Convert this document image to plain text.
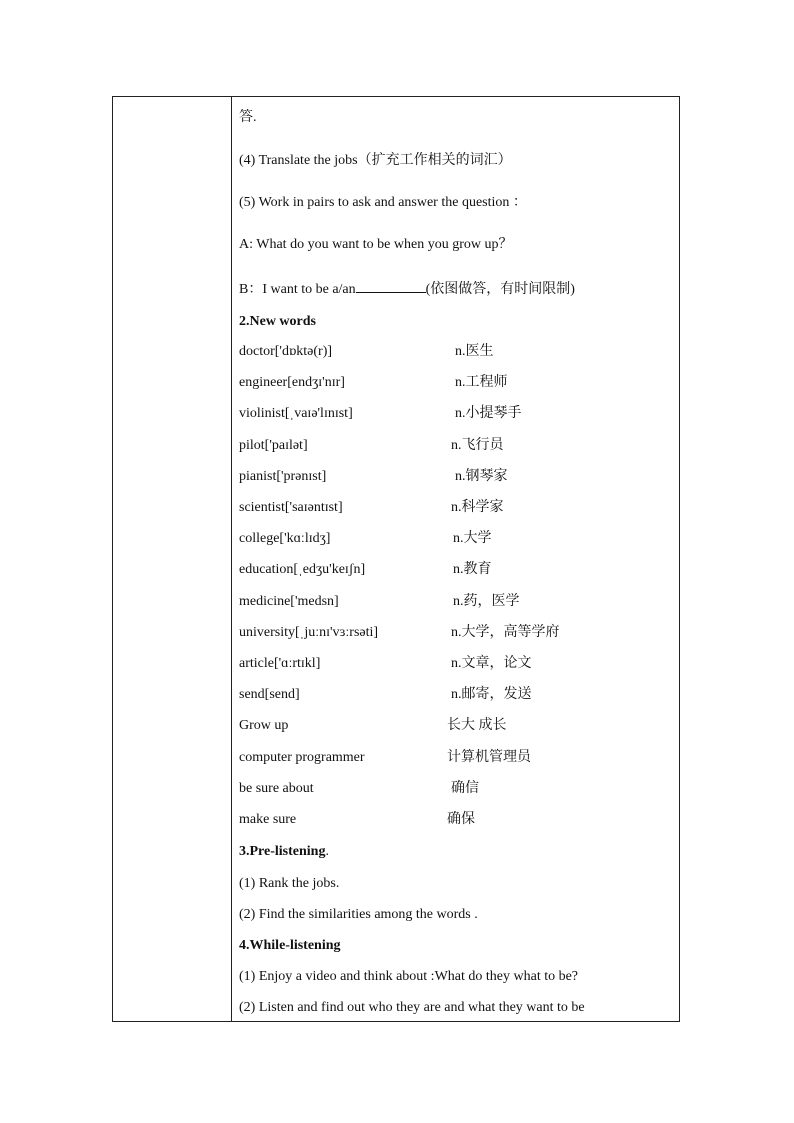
答.
(4) Translate the jobs（扩充工作相关的词汇）
(5) Work in pairs to ask and answer the question ：
A: What do you want to be when you grow up？
B：I want to be a/an	(依图做答，有时间限制)
2.New words
doctor['dɒktə(r)]	n.医生
engineer[endʒɪ'nɪr]	n.工程师
violinist[ˌvaɪə'lɪnɪst]	n.小提琴手
pilot['paɪlət]	n.飞行员
pianist['prənɪst]	n.钢琴家
scientist['saɪəntɪst]	n.科学家
college['kɑːlɪdʒ]	n.大学
education[ˌedʒu'keɪʃn]	n.教育
medicine['medsn]	n.药，医学
university[ˌjuːnɪ'vɜːrsəti]	n.大学，高等学府
article['ɑːrtɪkl]	n.文章，论文
send[send]	n.邮寄，发送
Grow up	长大 成长
computer programmer	计算机管理员
be sure about	确信
make sure	确保
3.Pre-listening.
(1) Rank the jobs.
(2) Find the similarities among the words .
4.While-listening
(1) Enjoy a video and think about :What do they what to be?
(2) Listen and find out who they are and what they want to be
